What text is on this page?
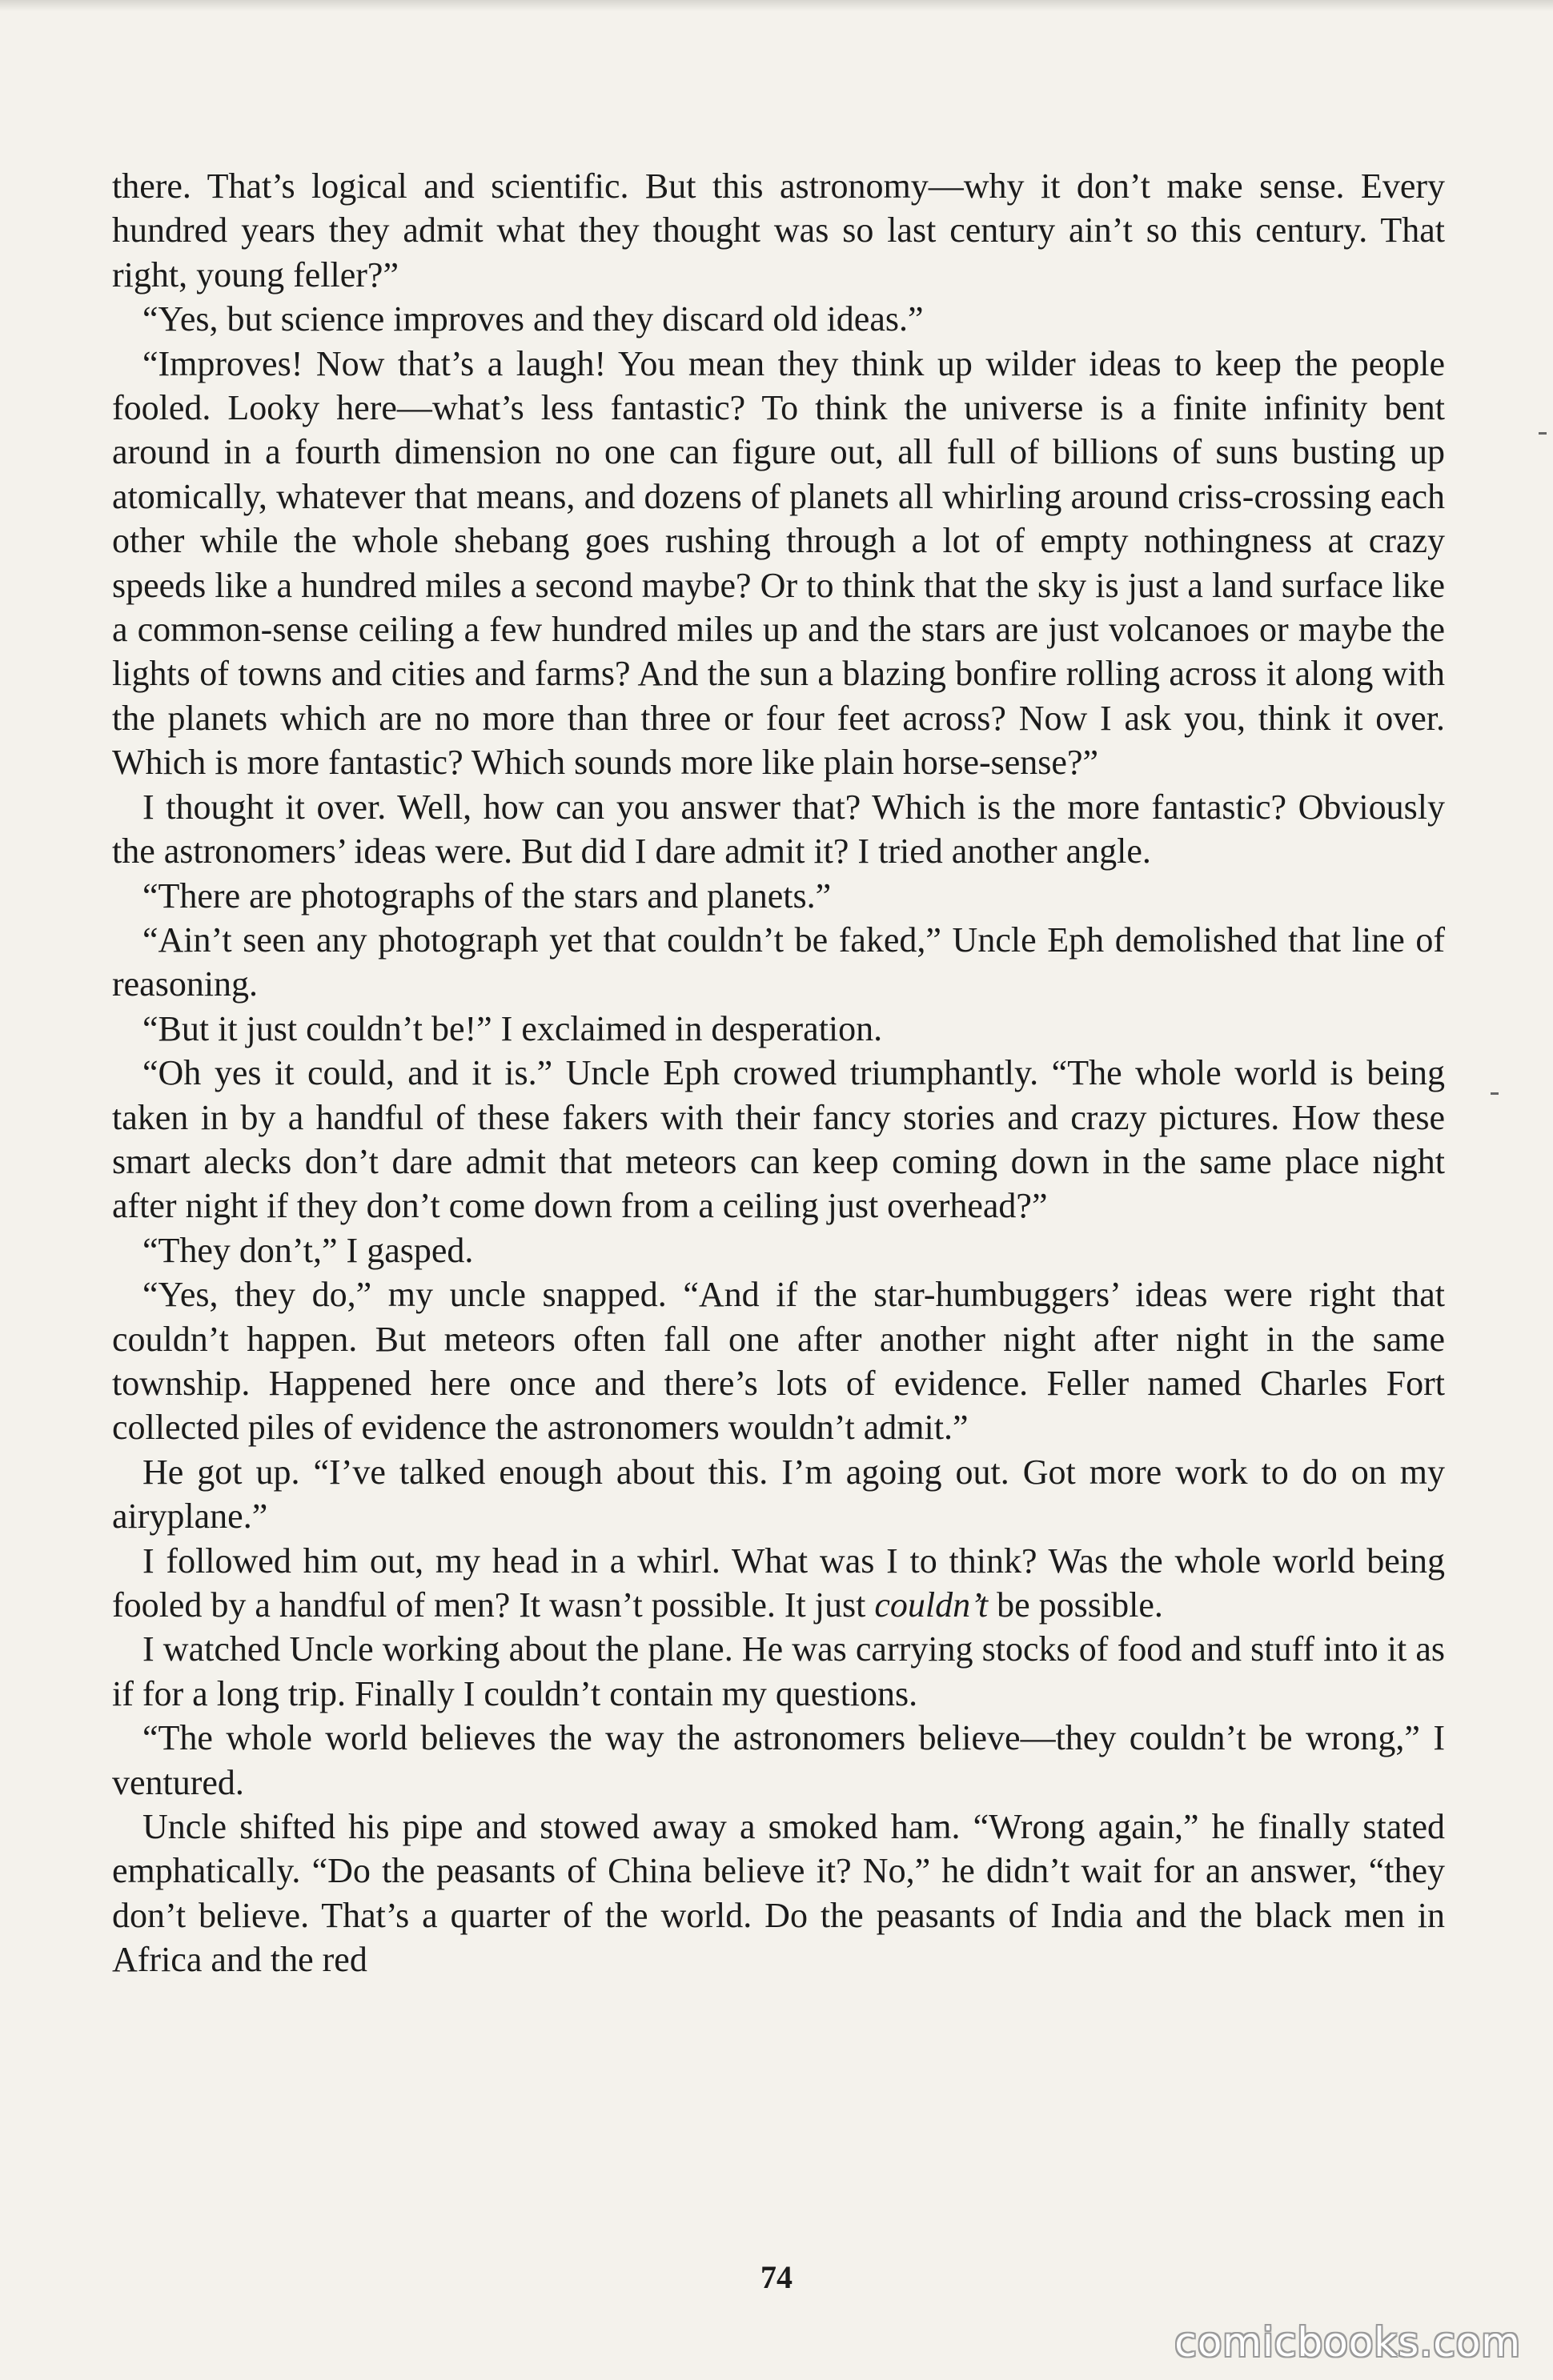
there. That’s logical and scientific. But this astronomy—why it don’t make sense. Every hundred years they admit what they thought was so last century ain’t so this century. That right, young feller?”

“Yes, but science improves and they discard old ideas.”

“Improves! Now that’s a laugh! You mean they think up wilder ideas to keep the people fooled. Looky here—what’s less fantastic? To think the universe is a finite infinity bent around in a fourth dimension no one can figure out, all full of billions of suns busting up atomically, whatever that means, and dozens of planets all whirling around criss-crossing each other while the whole shebang goes rushing through a lot of empty nothingness at crazy speeds like a hundred miles a second maybe? Or to think that the sky is just a land surface like a common-sense ceiling a few hundred miles up and the stars are just volcanoes or maybe the lights of towns and cities and farms? And the sun a blazing bonfire rolling across it along with the planets which are no more than three or four feet across? Now I ask you, think it over. Which is more fantastic? Which sounds more like plain horse-sense?”

I thought it over. Well, how can you answer that? Which is the more fantastic? Obviously the astronomers’ ideas were. But did I dare admit it? I tried another angle.

“There are photographs of the stars and planets.”

“Ain’t seen any photograph yet that couldn’t be faked,” Uncle Eph demolished that line of reasoning.

“But it just couldn’t be!” I exclaimed in desperation.

“Oh yes it could, and it is.” Uncle Eph crowed triumphantly. “The whole world is being taken in by a handful of these fakers with their fancy stories and crazy pictures. How these smart alecks don’t dare admit that meteors can keep coming down in the same place night after night if they don’t come down from a ceiling just overhead?”

“They don’t,” I gasped.

“Yes, they do,” my uncle snapped. “And if the star-humbuggers’ ideas were right that couldn’t happen. But meteors often fall one after another night after night in the same township. Happened here once and there’s lots of evidence. Feller named Charles Fort collected piles of evidence the astronomers wouldn’t admit.”

He got up. “I’ve talked enough about this. I’m agoing out. Got more work to do on my airyplane.”

I followed him out, my head in a whirl. What was I to think? Was the whole world being fooled by a handful of men? It wasn’t possible. It just couldn’t be possible.

I watched Uncle working about the plane. He was carrying stocks of food and stuff into it as if for a long trip. Finally I couldn’t contain my questions.

“The whole world believes the way the astronomers believe—they couldn’t be wrong,” I ventured.

Uncle shifted his pipe and stowed away a smoked ham. “Wrong again,” he finally stated emphatically. “Do the peasants of China believe it? No,” he didn’t wait for an answer, “they don’t believe. That’s a quarter of the world. Do the peasants of India and the black men in Africa and the red

74
comicbooks.com
